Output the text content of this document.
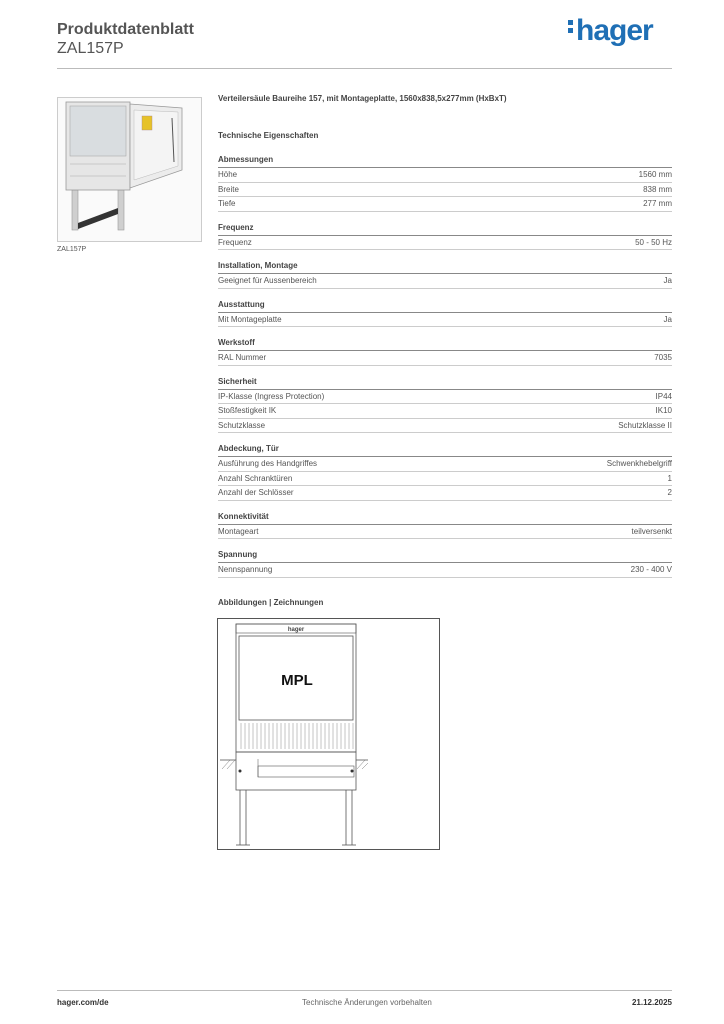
Produktdatenblatt
ZAL157P
hager
ZAL157P
Verteilersäule Baureihe 157, mit Montageplatte, 1560x838,5x277mm (HxBxT)
Technische Eigenschaften
Abmessungen
Höhe	1560 mm
Breite	838 mm
Tiefe	277 mm
Frequenz
Frequenz	50 - 50 Hz
Installation, Montage
Geeignet für Aussenbereich	Ja
Ausstattung
Mit Montageplatte	Ja
Werkstoff
RAL Nummer	7035
Sicherheit
IP-Klasse (Ingress Protection)	IP44
Stoßfestigkeit IK	IK10
Schutzklasse	Schutzklasse II
Abdeckung, Tür
Ausführung des Handgriffes	Schwenkhebelgriff
Anzahl Schranktüren	1
Anzahl der Schlösser	2
Konnektivität
Montageart	teilversenkt
Spannung
Nennspannung	230 - 400 V
Abbildungen | Zeichnungen
hager
MPL
hager.com/de	Technische Änderungen vorbehalten	21.12.2025
